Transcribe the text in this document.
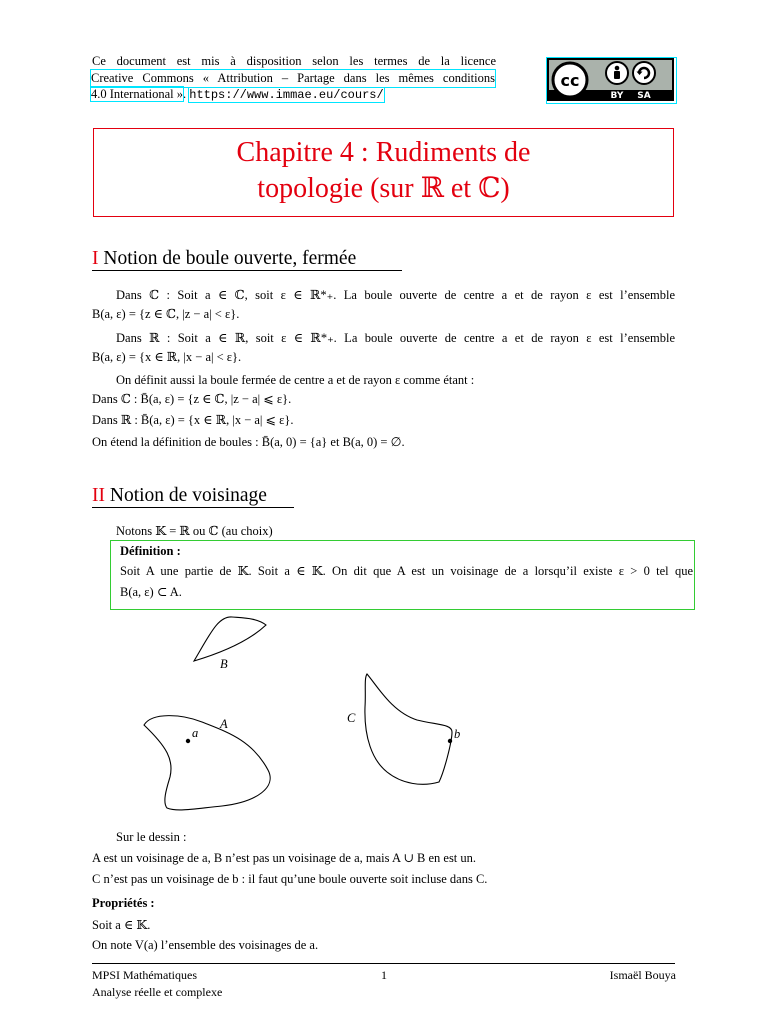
Ce document est mis à disposition selon les termes de la licence
Creative Commons « Attribution – Partage dans les mêmes conditions
4.0 International ». https://www.immae.eu/cours/
cc
BY SA
Chapitre 4 : Rudiments de
topologie (sur ℝ et ℂ)
I Notion de boule ouverte, fermée
Dans ℂ : Soit a ∈ ℂ, soit ε ∈ ℝ*₊. La boule ouverte de centre a et de rayon ε est l’ensemble
B(a, ε) = {z ∈ ℂ, |z − a| < ε}.
Dans ℝ : Soit a ∈ ℝ, soit ε ∈ ℝ*₊. La boule ouverte de centre a et de rayon ε est l’ensemble
B(a, ε) = {x ∈ ℝ, |x − a| < ε}.
On définit aussi la boule fermée de centre a et de rayon ε comme étant :
Dans ℂ : B̄(a, ε) = {z ∈ ℂ, |z − a| ⩽ ε}.
Dans ℝ : B̄(a, ε) = {x ∈ ℝ, |x − a| ⩽ ε}.
On étend la définition de boules : B̄(a, 0) = {a} et B(a, 0) = ∅.
II Notion de voisinage
Notons 𝕂 = ℝ ou ℂ (au choix)
Définition :
Soit A une partie de 𝕂. Soit a ∈ 𝕂. On dit que A est un voisinage de a lorsqu’il existe ε > 0 tel que
B(a, ε) ⊂ A.
B
A
a
C
b
Sur le dessin :
A est un voisinage de a, B n’est pas un voisinage de a, mais A ∪ B en est un.
C n’est pas un voisinage de b : il faut qu’une boule ouverte soit incluse dans C.
Propriétés :
Soit a ∈ 𝕂.
On note V(a) l’ensemble des voisinages de a.
MPSI Mathématiques
Analyse réelle et complexe
1	Ismaël Bouya
